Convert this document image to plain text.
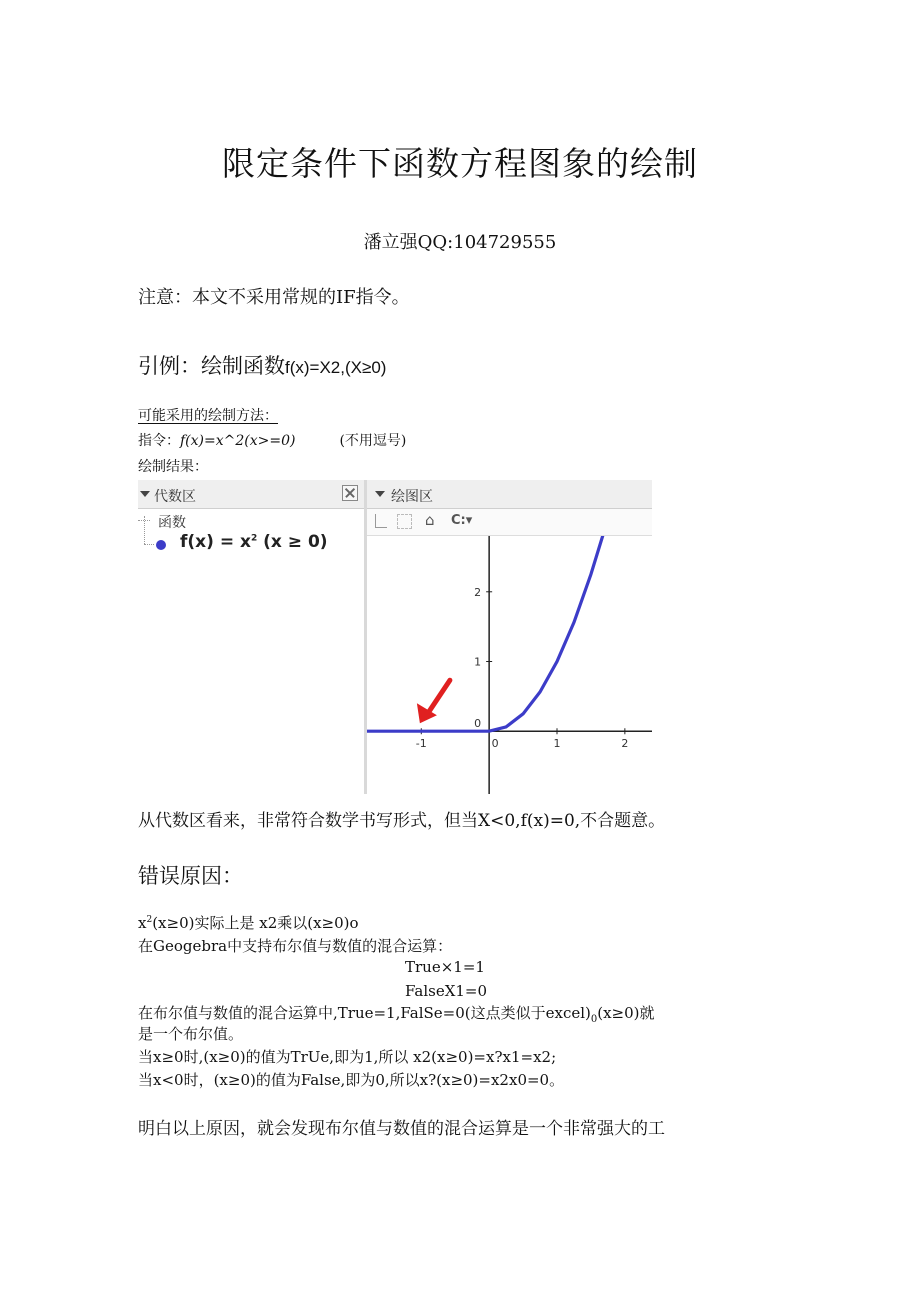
限定条件下函数方程图象的绘制
潘立强QQ:104729555
注意：本文不采用常规的IF指令。
引例：绘制函数f(x)=X2,(X≥0)
可能采用的绘制方法：
指令：f(x)=x^2(x>=0)	(不用逗号)
绘制结果：
代数区	绘图区
⌂ C:▾
函数
$f(x) = x^2$ (x ≥ 0)
-1	0	1	2
0
1
2
从代数区看来，非常符合数学书写形式，但当X<0,f(x)=0,不合题意。
错误原因：
$x^2(x\ge 0)$实际上是 x2乘以(x≥0)o
在Geogebra中支持布尔值与数值的混合运算：
True×1=1
FalseX1=0
在布尔值与数值的混合运算中,True=1,FalSe=0(这点类似于$excel)_0(x\ge 0)$就
是一个布尔值。
当x≥0时,(x≥0)的值为TrUe,即为1,所以 x2(x≥0)=x?x1=x2;
当x<0时，(x≥0)的值为False,即为0,所以x?(x≥0)=x2x0=0。
明白以上原因，就会发现布尔值与数值的混合运算是一个非常强大的工
